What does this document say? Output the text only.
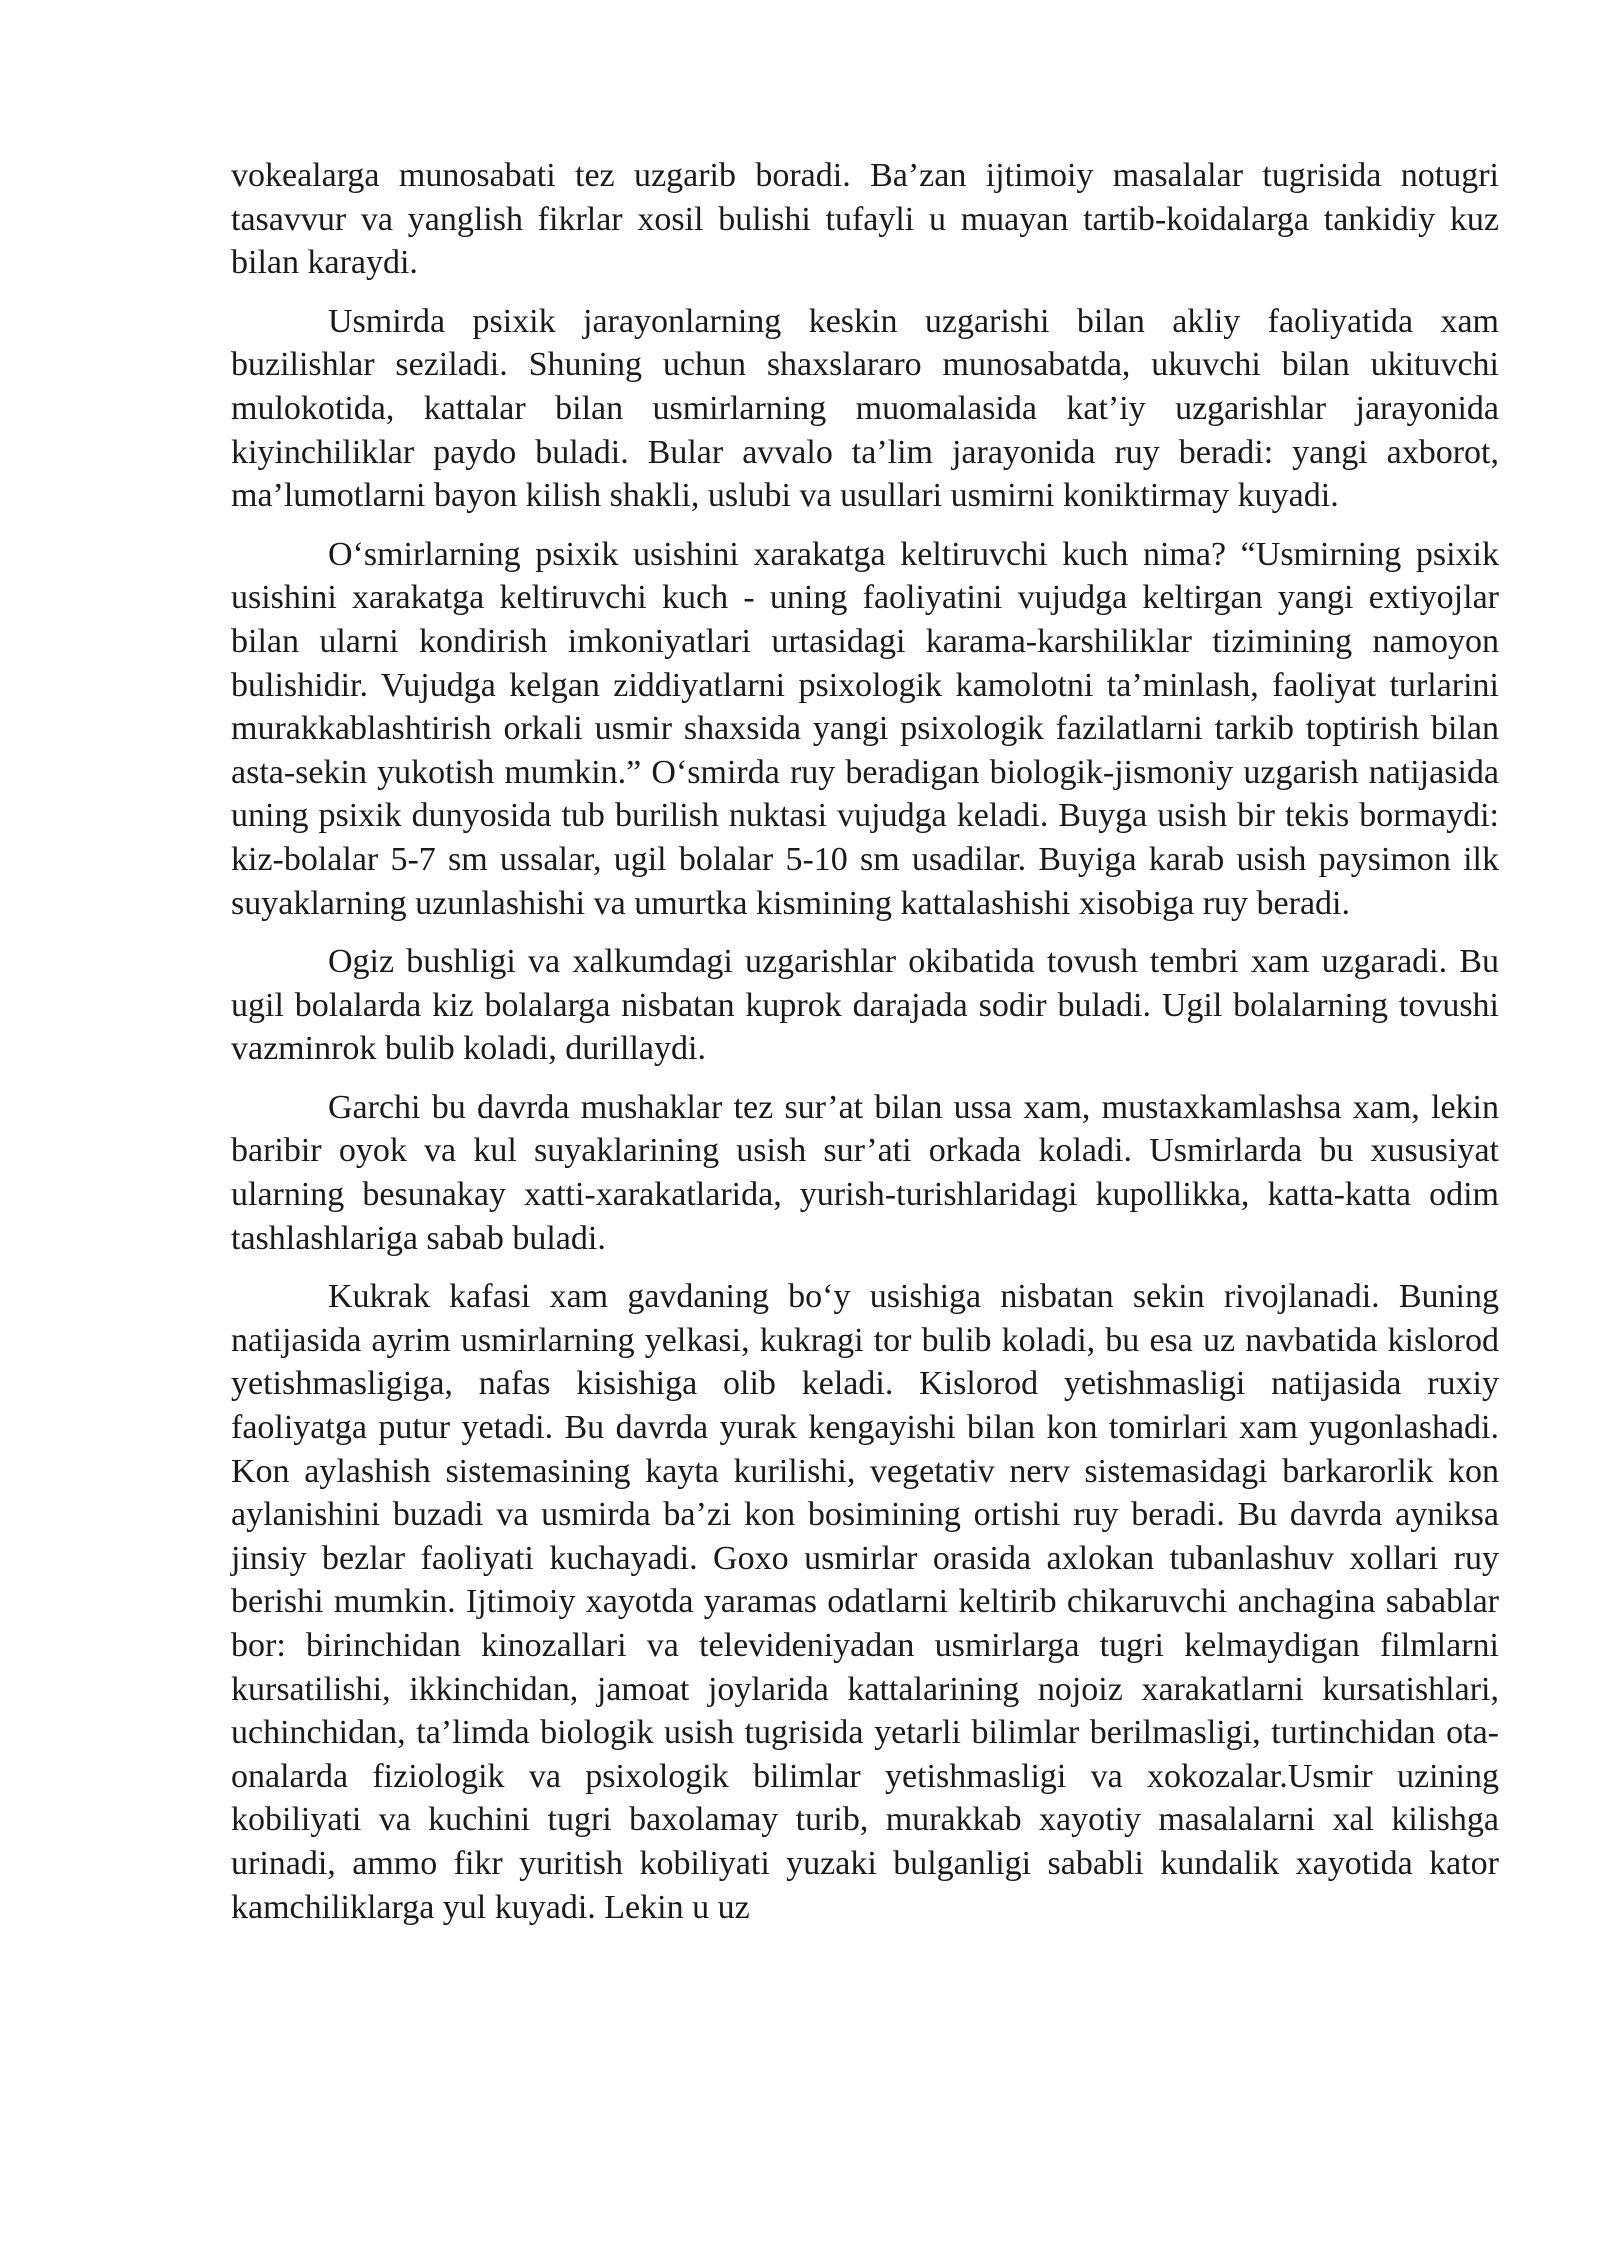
vokealarga munosabati tez uzgarib boradi. Ba’zan ijtimoiy masalalar tugrisida notugri tasavvur va yanglish fikrlar xosil bulishi tufayli u muayan tartib-koidalarga tankidiy kuz bilan karaydi.

Usmirda psixik jarayonlarning keskin uzgarishi bilan akliy faoliyatida xam buzilishlar seziladi. Shuning uchun shaxslararo munosabatda, ukuvchi bilan ukituvchi mulokotida, kattalar bilan usmirlarning muomalasida kat’iy uzgarishlar jarayonida kiyinchiliklar paydo buladi. Bular avvalo ta’lim jarayonida ruy beradi: yangi axborot, ma’lumotlarni bayon kilish shakli, uslubi va usullari usmirni koniktirmay kuyadi.

O‘smirlarning psixik usishini xarakatga keltiruvchi kuch nima? “Usmirning psixik usishini xarakatga keltiruvchi kuch - uning faoliyatini vujudga keltirgan yangi extiyojlar bilan ularni kondirish imkoniyatlari urtasidagi karama-karshiliklar tizimining namoyon bulishidir. Vujudga kelgan ziddiyatlarni psixologik kamolotni ta’minlash, faoliyat turlarini murakkablashtirish orkali usmir shaxsida yangi psixologik fazilatlarni tarkib toptirish bilan asta-sekin yukotish mumkin.” O‘smirda ruy beradigan biologik-jismoniy uzgarish natijasida uning psixik dunyosida tub burilish nuktasi vujudga keladi. Buyga usish bir tekis bormaydi: kiz-bolalar 5-7 sm ussalar, ugil bolalar 5-10 sm usadilar. Buyiga karab usish paysimon ilk suyaklarning uzunlashishi va umurtka kismining kattalashishi xisobiga ruy beradi.

Ogiz bushligi va xalkumdagi uzgarishlar okibatida tovush tembri xam uzgaradi. Bu ugil bolalarda kiz bolalarga nisbatan kuprok darajada sodir buladi. Ugil bolalarning tovushi vazminrok bulib koladi, durillaydi.

Garchi bu davrda mushaklar tez sur’at bilan ussa xam, mustaxkamlashsa xam, lekin baribir oyok va kul suyaklarining usish sur’ati orkada koladi. Usmirlarda bu xususiyat ularning besunakay xatti-xarakatlarida, yurish-turishlaridagi kupollikka, katta-katta odim tashlashlariga sabab buladi.

Kukrak kafasi xam gavdaning bo‘y usishiga nisbatan sekin rivojlanadi. Buning natijasida ayrim usmirlarning yelkasi, kukragi tor bulib koladi, bu esa uz navbatida kislorod yetishmasligiga, nafas kisishiga olib keladi. Kislorod yetishmasligi natijasida ruxiy faoliyatga putur yetadi. Bu davrda yurak kengayishi bilan kon tomirlari xam yugonlashadi. Kon aylashish sistemasining kayta kurilishi, vegetativ nerv sistemasidagi barkarorlik kon aylanishini buzadi va usmirda ba’zi kon bosimining ortishi ruy beradi. Bu davrda ayniksa jinsiy bezlar faoliyati kuchayadi. Goxo usmirlar orasida axlokan tubanlashuv xollari ruy berishi mumkin. Ijtimoiy xayotda yaramas odatlarni keltirib chikaruvchi anchagina sabablar bor: birinchidan kinozallari va televideniyadan usmirlarga tugri kelmaydigan filmlarni kursatilishi, ikkinchidan, jamoat joylarida kattalarining nojoiz xarakatlarni kursatishlari, uchinchidan, ta’limda biologik usish tugrisida yetarli bilimlar berilmasligi, turtinchidan ota-onalarda fiziologik va psixologik bilimlar yetishmasligi va xokozalar.Usmir uzining kobiliyati va kuchini tugri baxolamay turib, murakkab xayotiy masalalarni xal kilishga urinadi, ammo fikr yuritish kobiliyati yuzaki bulganligi sababli kundalik xayotida kator kamchiliklarga yul kuyadi. Lekin u uz
